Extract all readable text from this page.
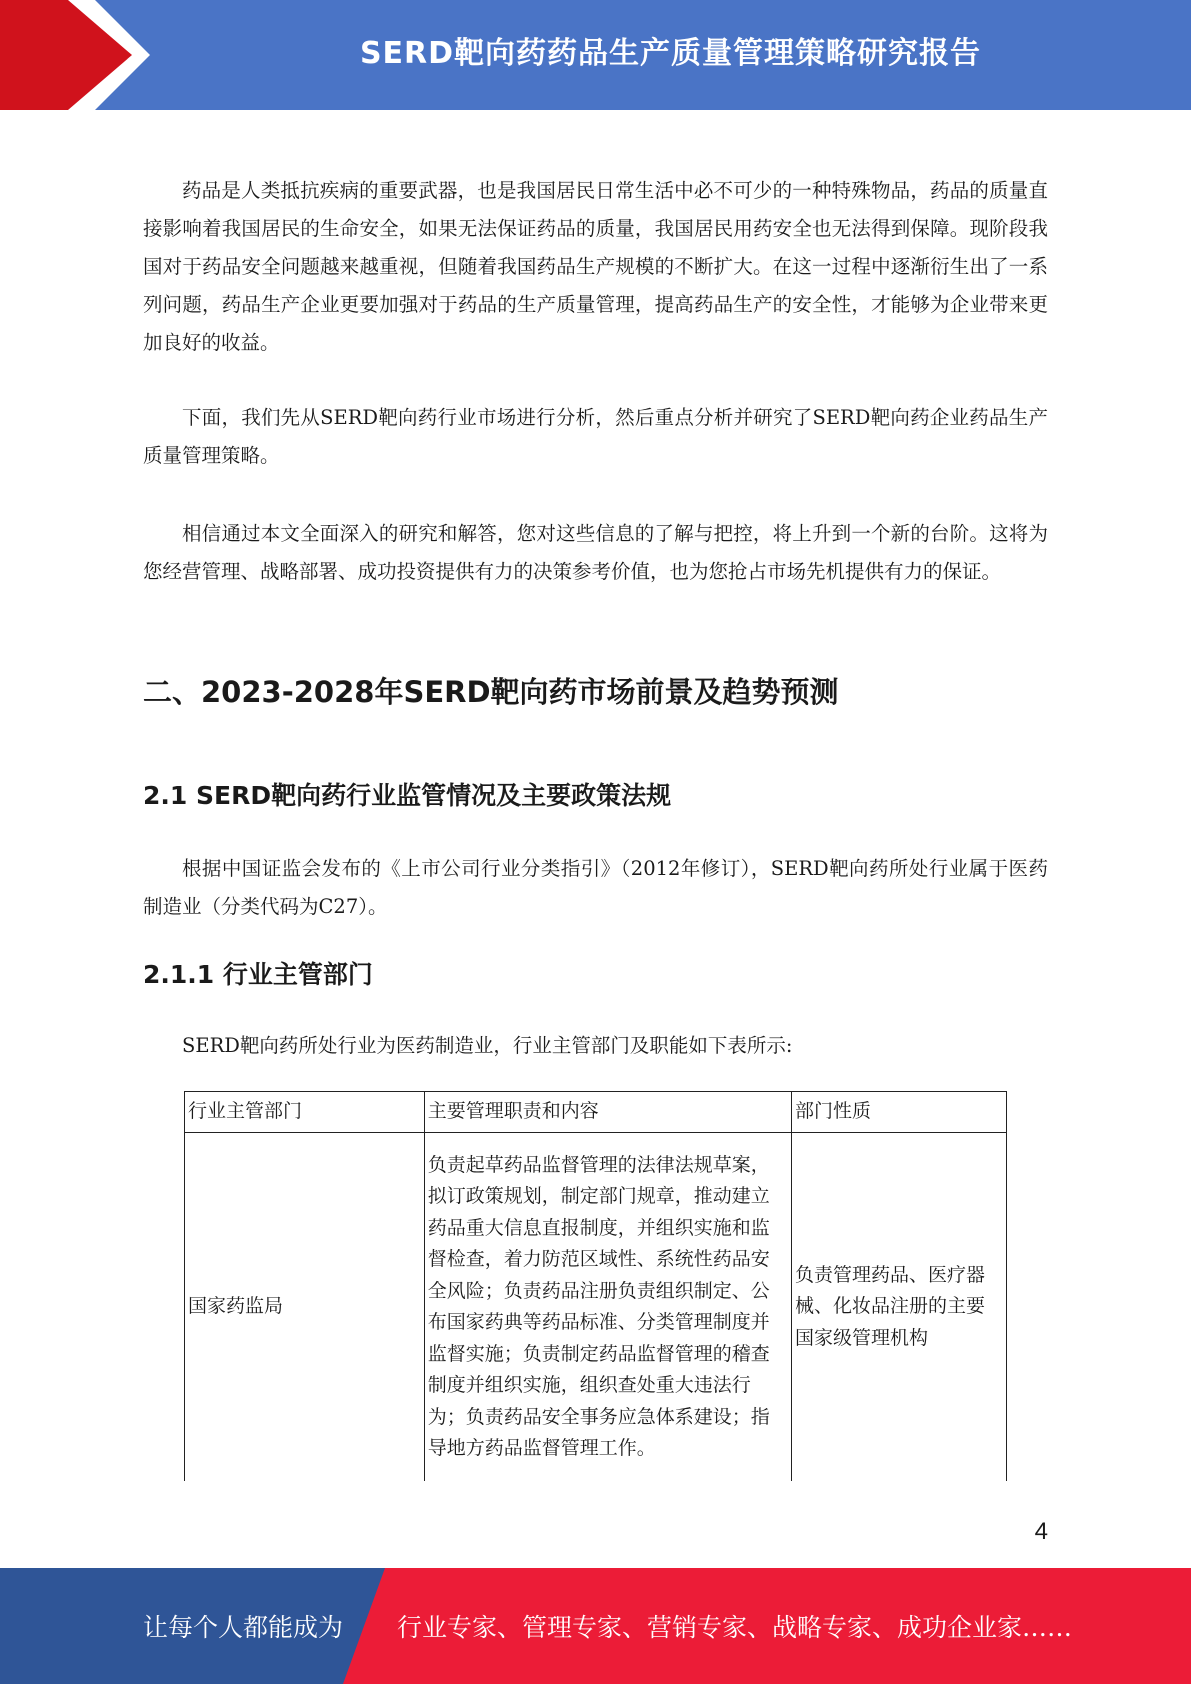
SERD靶向药药品生产质量管理策略研究报告

药品是人类抵抗疾病的重要武器，也是我国居民日常生活中必不可少的一种特殊物品，药品的质量直接影响着我国居民的生命安全，如果无法保证药品的质量，我国居民用药安全也无法得到保障。现阶段我国对于药品安全问题越来越重视，但随着我国药品生产规模的不断扩大。在这一过程中逐渐衍生出了一系列问题，药品生产企业更要加强对于药品的生产质量管理，提高药品生产的安全性，才能够为企业带来更加良好的收益。

下面，我们先从SERD靶向药行业市场进行分析，然后重点分析并研究了SERD靶向药企业药品生产质量管理策略。

相信通过本文全面深入的研究和解答，您对这些信息的了解与把控，将上升到一个新的台阶。这将为您经营管理、战略部署、成功投资提供有力的决策参考价值，也为您抢占市场先机提供有力的保证。

二、2023-2028年SERD靶向药市场前景及趋势预测
2.1 SERD靶向药行业监管情况及主要政策法规

根据中国证监会发布的《上市公司行业分类指引》（2012年修订），SERD靶向药所处行业属于医药制造业（分类代码为C27）。

2.1.1 行业主管部门

SERD靶向药所处行业为医药制造业，行业主管部门及职能如下表所示:

行业主管部门	主要管理职责和内容	部门性质
国家药监局	负责起草药品监督管理的法律法规草案，拟订政策规划，制定部门规章，推动建立药品重大信息直报制度，并组织实施和监督检查，着力防范区域性、系统性药品安全风险；负责药品注册负责组织制定、公布国家药典等药品标准、分类管理制度并监督实施；负责制定药品监督管理的稽查制度并组织实施，组织查处重大违法行为；负责药品安全事务应急体系建设；指导地方药品监督管理工作。	负责管理药品、医疗器械、化妆品注册的主要国家级管理机构
4
让每个人都能成为 行业专家、管理专家、营销专家、战略专家、成功企业家……
